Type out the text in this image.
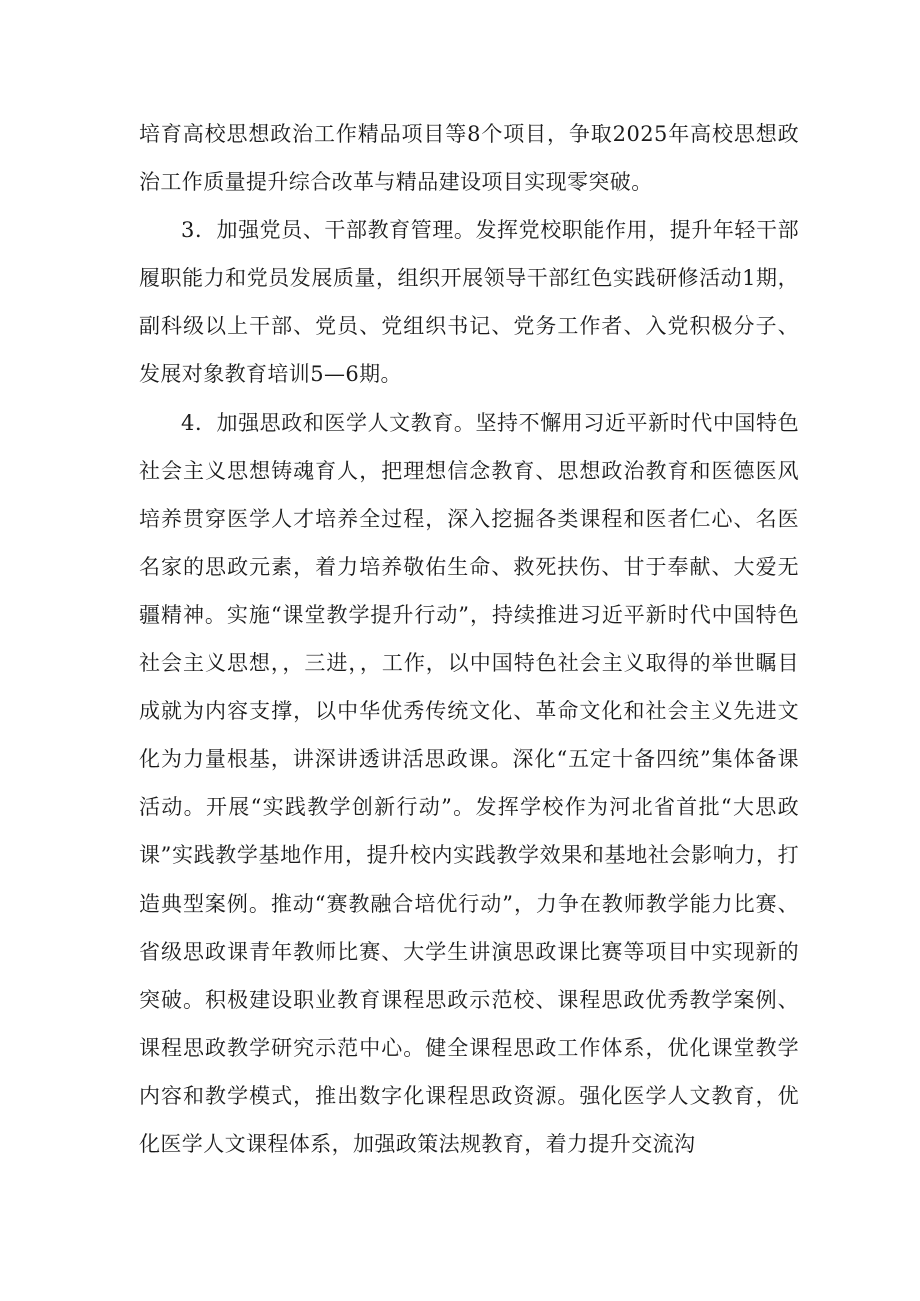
培育高校思想政治工作精品项目等8个项目，争取2025年高校思想政治工作质量提升综合改革与精品建设项目实现零突破。

3．加强党员、干部教育管理。发挥党校职能作用，提升年轻干部履职能力和党员发展质量，组织开展领导干部红色实践研修活动1期，副科级以上干部、党员、党组织书记、党务工作者、入党积极分子、发展对象教育培训5—6期。

4．加强思政和医学人文教育。坚持不懈用习近平新时代中国特色社会主义思想铸魂育人，把理想信念教育、思想政治教育和医德医风培养贯穿医学人才培养全过程，深入挖掘各类课程和医者仁心、名医名家的思政元素，着力培养敬佑生命、救死扶伤、甘于奉献、大爱无疆精神。实施“课堂教学提升行动”，持续推进习近平新时代中国特色社会主义思想，，三进，，工作，以中国特色社会主义取得的举世瞩目成就为内容支撑，以中华优秀传统文化、革命文化和社会主义先进文化为力量根基，讲深讲透讲活思政课。深化“五定十备四统”集体备课活动。开展“实践教学创新行动”。发挥学校作为河北省首批“大思政课”实践教学基地作用，提升校内实践教学效果和基地社会影响力，打造典型案例。推动“赛教融合培优行动”，力争在教师教学能力比赛、省级思政课青年教师比赛、大学生讲演思政课比赛等项目中实现新的突破。积极建设职业教育课程思政示范校、课程思政优秀教学案例、课程思政教学研究示范中心。健全课程思政工作体系，优化课堂教学内容和教学模式，推出数字化课程思政资源。强化医学人文教育，优化医学人文课程体系，加强政策法规教育，着力提升交流沟
